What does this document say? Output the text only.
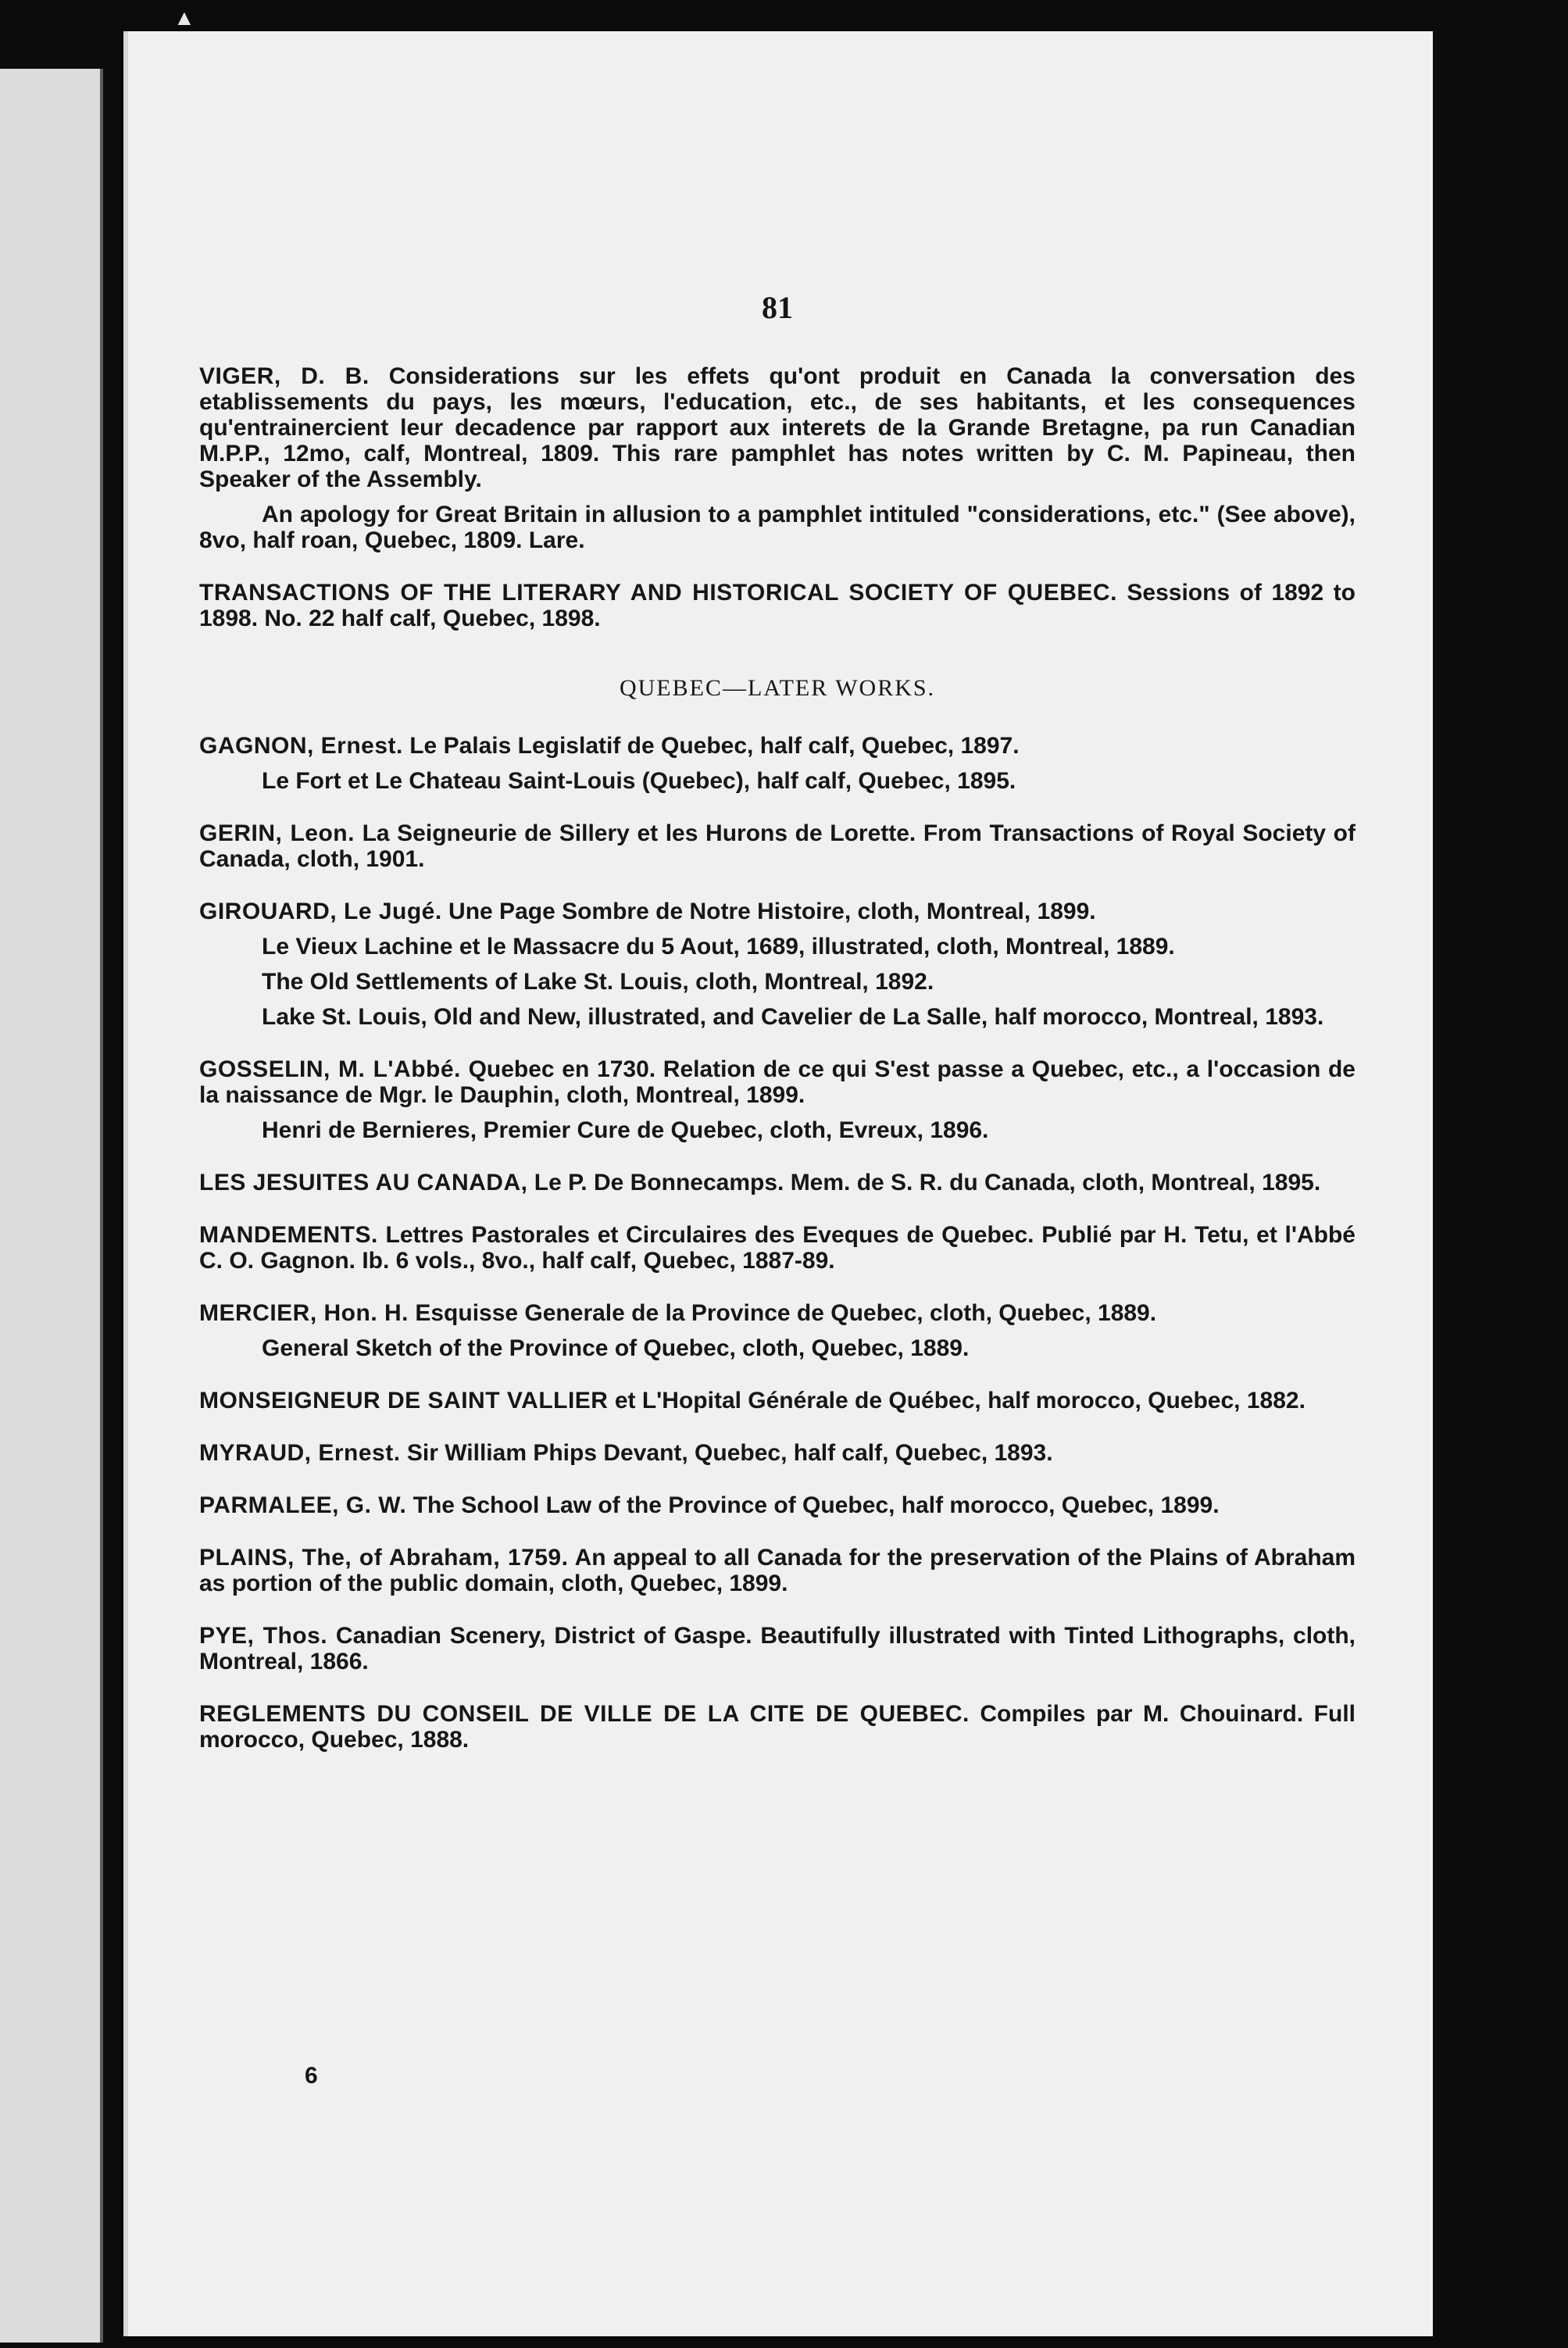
▲
81
VIGER, D. B. Considerations sur les effets qu'ont produit en Canada la conversation des etablissements du pays, les mœurs, l'education, etc., de ses habitants, et les consequences qu'entrainercient leur decadence par rapport aux interets de la Grande Bretagne, pa run Canadian M.P.P., 12mo, calf, Montreal, 1809. This rare pamphlet has notes written by C. M. Papineau, then Speaker of the Assembly.
An apology for Great Britain in allusion to a pamphlet intituled "considerations, etc." (See above), 8vo, half roan, Quebec, 1809. Lare.
TRANSACTIONS OF THE LITERARY AND HISTORICAL SOCIETY OF QUEBEC. Sessions of 1892 to 1898. No. 22 half calf, Quebec, 1898.
QUEBEC—LATER WORKS.
GAGNON, Ernest. Le Palais Legislatif de Quebec, half calf, Quebec, 1897.
Le Fort et Le Chateau Saint-Louis (Quebec), half calf, Quebec, 1895.
GERIN, Leon. La Seigneurie de Sillery et les Hurons de Lorette. From Transactions of Royal Society of Canada, cloth, 1901.
GIROUARD, Le Jugé. Une Page Sombre de Notre Histoire, cloth, Montreal, 1899.
Le Vieux Lachine et le Massacre du 5 Aout, 1689, illustrated, cloth, Montreal, 1889.
The Old Settlements of Lake St. Louis, cloth, Montreal, 1892.
Lake St. Louis, Old and New, illustrated, and Cavelier de La Salle, half morocco, Montreal, 1893.
GOSSELIN, M. L'Abbé. Quebec en 1730. Relation de ce qui S'est passe a Quebec, etc., a l'occasion de la naissance de Mgr. le Dauphin, cloth, Montreal, 1899.
Henri de Bernieres, Premier Cure de Quebec, cloth, Evreux, 1896.
LES JESUITES AU CANADA, Le P. De Bonnecamps. Mem. de S. R. du Canada, cloth, Montreal, 1895.
MANDEMENTS. Lettres Pastorales et Circulaires des Eveques de Quebec. Publié par H. Tetu, et l'Abbé C. O. Gagnon. Ib. 6 vols., 8vo., half calf, Quebec, 1887-89.
MERCIER, Hon. H. Esquisse Generale de la Province de Quebec, cloth, Quebec, 1889.
General Sketch of the Province of Quebec, cloth, Quebec, 1889.
MONSEIGNEUR DE SAINT VALLIER et L'Hopital Générale de Québec, half morocco, Quebec, 1882.
MYRAUD, Ernest. Sir William Phips Devant, Quebec, half calf, Quebec, 1893.
PARMALEE, G. W. The School Law of the Province of Quebec, half morocco, Quebec, 1899.
PLAINS, The, of Abraham, 1759. An appeal to all Canada for the preservation of the Plains of Abraham as portion of the public domain, cloth, Quebec, 1899.
PYE, Thos. Canadian Scenery, District of Gaspe. Beautifully illustrated with Tinted Lithographs, cloth, Montreal, 1866.
REGLEMENTS DU CONSEIL DE VILLE DE LA CITE DE QUEBEC. Compiles par M. Chouinard. Full morocco, Quebec, 1888.
6
